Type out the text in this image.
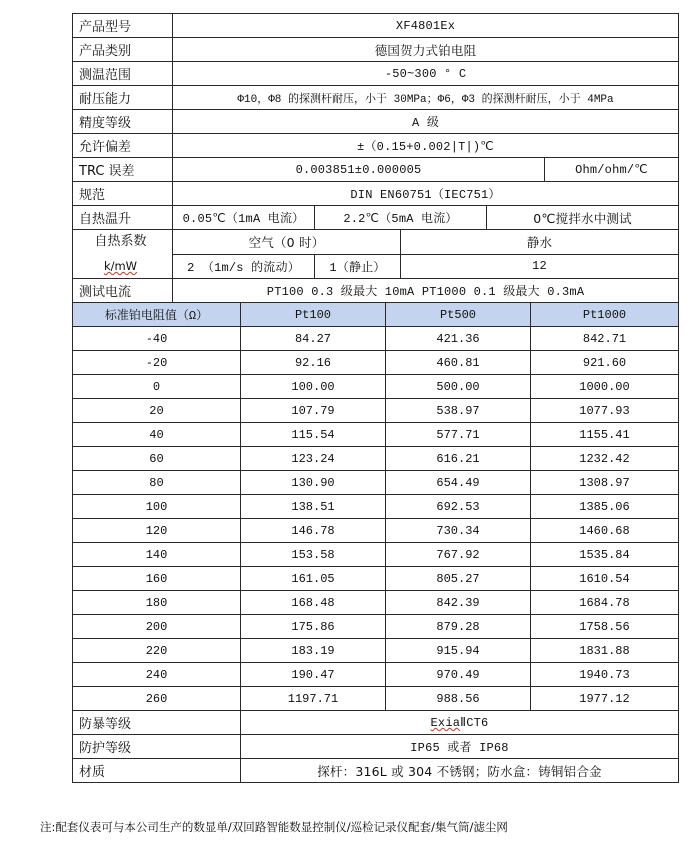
产品型号	XF4801Ex				
产品类别	德国贺力式铂电阻				
测温范围	-50~300 ° C				
耐压能力	Φ10，Φ8 的探测杆耐压，小于 30MPa；Φ6，Φ3 的探测杆耐压，小于 4MPa				
精度等级	A 级				
允许偏差	±（0.15+0.002|T|)℃				
TRC 误差	0.003851±0.000005				Ohm/ohm/℃
规范	DIN EN60751（IEC751）				
自热温升	0.05℃（1mA 电流）	2.2℃（5mA 电流）		0℃搅拌水中测试	

自热系数
k/mW	空气（0 时）		静水		
	2 （1m/s 的流动）	1（静止）	12		
测试电流	PT100 0.3 级最大 10mA PT1000 0.1 级最大 0.3mA				
标准铂电阻值（Ω）	Pt100	Pt500	Pt1000
-40	84.27	421.36	842.71
-20	92.16	460.81	921.60
0	100.00	500.00	1000.00
20	107.79	538.97	1077.93
40	115.54	577.71	1155.41
60	123.24	616.21	1232.42
80	130.90	654.49	1308.97
100	138.51	692.53	1385.06
120	146.78	730.34	1460.68
140	153.58	767.92	1535.84
160	161.05	805.27	1610.54
180	168.48	842.39	1684.78
200	175.86	879.28	1758.56
220	183.19	915.94	1831.88
240	190.47	970.49	1940.73
260	1197.71	988.56	1977.12
防暴等级	ExiaⅡCT6
防护等级	IP65 或者 IP68
材质	探杆：316L 或 304 不锈钢；防水盒：铸铜铝合金
注:配套仪表可与本公司生产的数显单/双回路智能数显控制仪/巡检记录仪配套/集气筒/滤尘网
